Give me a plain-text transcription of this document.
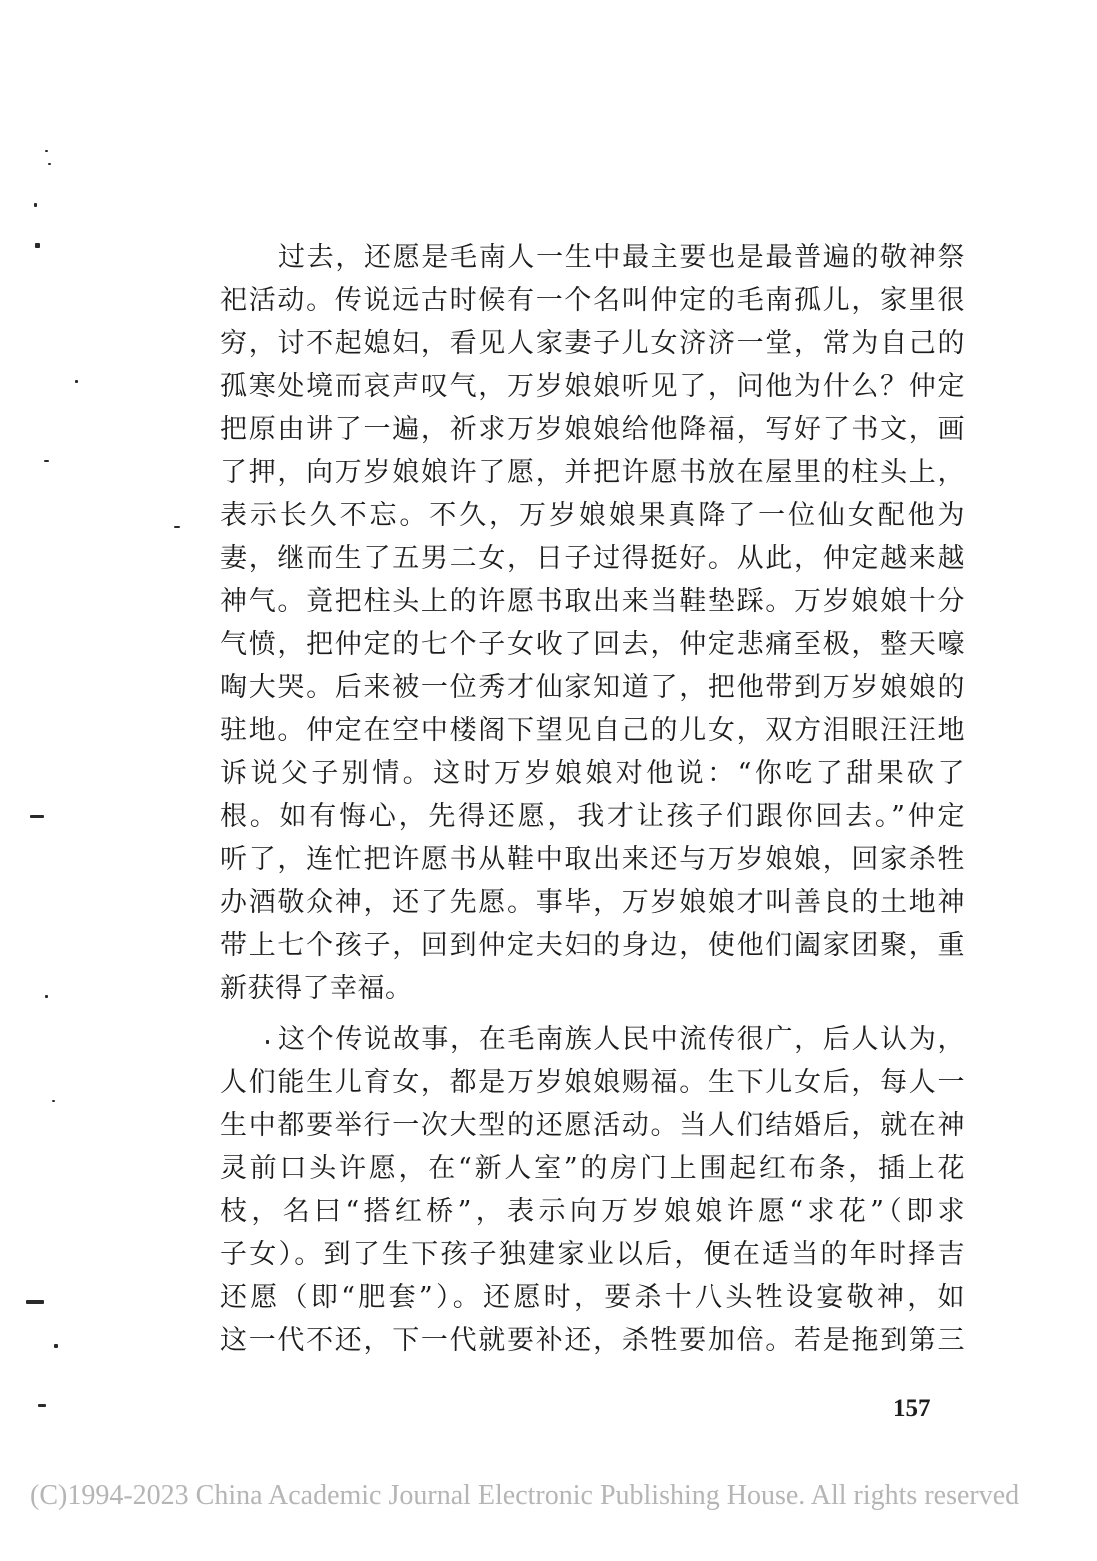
过去，还愿是毛南人一生中最主要也是最普遍的敬神祭
祀活动。传说远古时候有一个名叫仲定的毛南孤儿，家里很
穷，讨不起媳妇，看见人家妻子儿女济济一堂，常为自己的
孤寒处境而哀声叹气，万岁娘娘听见了，问他为什么？仲定
把原由讲了一遍，祈求万岁娘娘给他降福，写好了书文，画
了押，向万岁娘娘许了愿，并把许愿书放在屋里的柱头上，
表示长久不忘。不久，万岁娘娘果真降了一位仙女配他为
妻，继而生了五男二女，日子过得挺好。从此，仲定越来越
神气。竟把柱头上的许愿书取出来当鞋垫踩。万岁娘娘十分
气愤，把仲定的七个子女收了回去，仲定悲痛至极，整天嚎
啕大哭。后来被一位秀才仙家知道了，把他带到万岁娘娘的
驻地。仲定在空中楼阁下望见自己的儿女，双方泪眼汪汪地
诉说父子别情。这时万岁娘娘对他说：“你吃了甜果砍了
根。如有悔心，先得还愿，我才让孩子们跟你回去。”仲定
听了，连忙把许愿书从鞋中取出来还与万岁娘娘，回家杀牲
办酒敬众神，还了先愿。事毕，万岁娘娘才叫善良的土地神
带上七个孩子，回到仲定夫妇的身边，使他们阖家团聚，重
新获得了幸福。
这个传说故事，在毛南族人民中流传很广，后人认为，
人们能生儿育女，都是万岁娘娘赐福。生下儿女后，每人一
生中都要举行一次大型的还愿活动。当人们结婚后，就在神
灵前口头许愿，在“新人室”的房门上围起红布条，插上花
枝，名曰“搭红桥”，表示向万岁娘娘许愿“求花”（即求
子女）。到了生下孩子独建家业以后，便在适当的年时择吉
还愿（即“肥套”）。还愿时，要杀十八头牲设宴敬神，如
这一代不还，下一代就要补还，杀牲要加倍。若是拖到第三
157
(C)1994-2023 China Academic Journal Electronic Publishing House. All rights reserved
